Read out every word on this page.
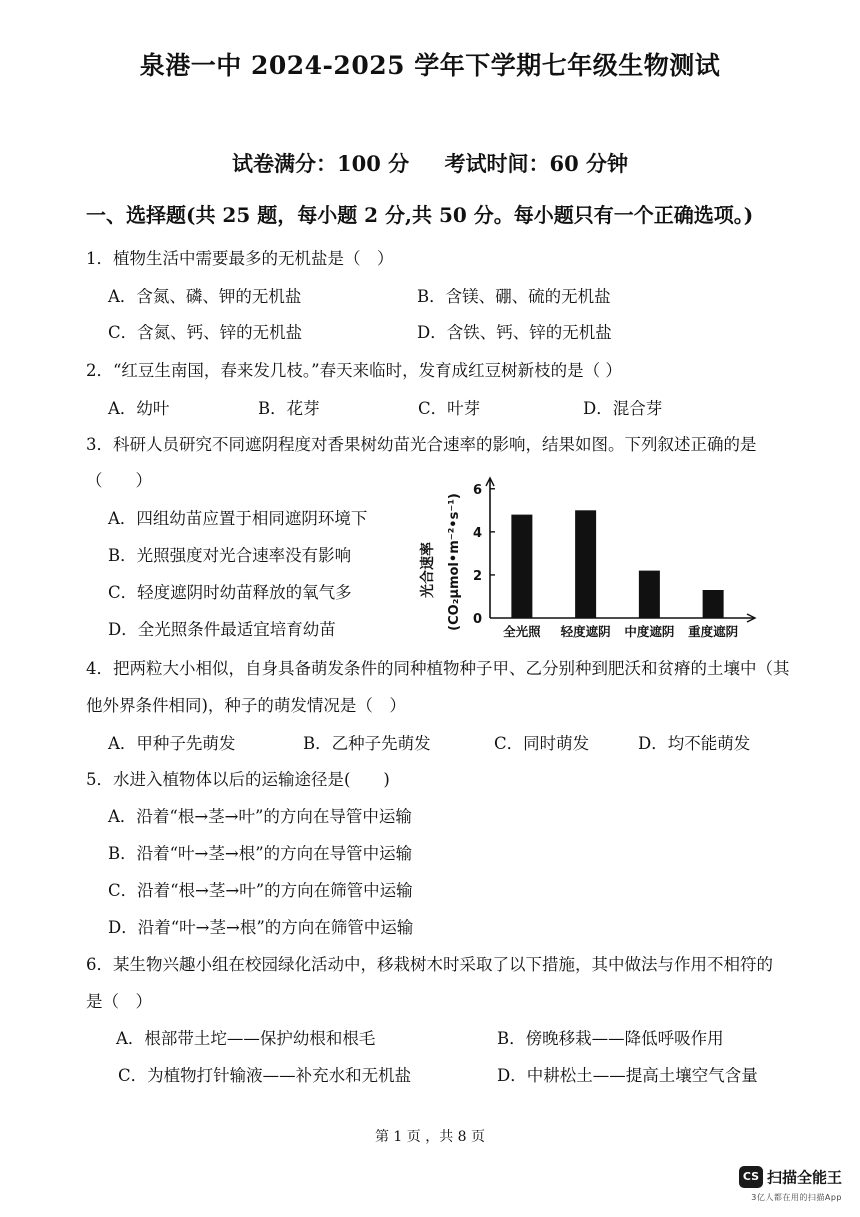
泉港一中 2024-2025 学年下学期七年级生物测试
试卷满分：100 分 考试时间：60 分钟
一、选择题(共 25 题，每小题 2 分,共 50 分。每小题只有一个正确选项。)
1．植物生活中需要最多的无机盐是（　）
A．含氮、磷、钾的无机盐	B．含镁、硼、硫的无机盐
C．含氮、钙、锌的无机盐	D．含铁、钙、锌的无机盐
2．“红豆生南国，春来发几枝。”春天来临时，发育成红豆树新枝的是（ ）
A．幼叶	B．花芽	C．叶芽	D．混合芽
3．科研人员研究不同遮阴程度对香果树幼苗光合速率的影响，结果如图。下列叙述正确的是
（　　）
A．四组幼苗应置于相同遮阴环境下
B．光照强度对光合速率没有影响
C．轻度遮阴时幼苗释放的氧气多
D．全光照条件最适宜培育幼苗
0
2
4
6
全光照 轻度遮阴 中度遮阴 重度遮阴
光合速率 (CO₂μmol•m⁻²•s⁻¹)
4．把两粒大小相似，自身具备萌发条件的同种植物种子甲、乙分别种到肥沃和贫瘠的土壤中（其
他外界条件相同)，种子的萌发情况是（　）
A．甲种子先萌发	B．乙种子先萌发	C．同时萌发	D．均不能萌发
5．水进入植物体以后的运输途径是(　　)
A．沿着“根→茎→叶”的方向在导管中运输
B．沿着“叶→茎→根”的方向在导管中运输
C．沿着“根→茎→叶”的方向在筛管中运输
D．沿着“叶→茎→根”的方向在筛管中运输
6．某生物兴趣小组在校园绿化活动中，移栽树木时采取了以下措施，其中做法与作用不相符的
是（　）
A．根部带土坨——保护幼根和根毛	B．傍晚移栽——降低呼吸作用
C．为植物打针输液——补充水和无机盐	D．中耕松土——提高土壤空气含量
第 1 页 ，共 8 页
CS 扫描全能王
3亿人都在用的扫描App
